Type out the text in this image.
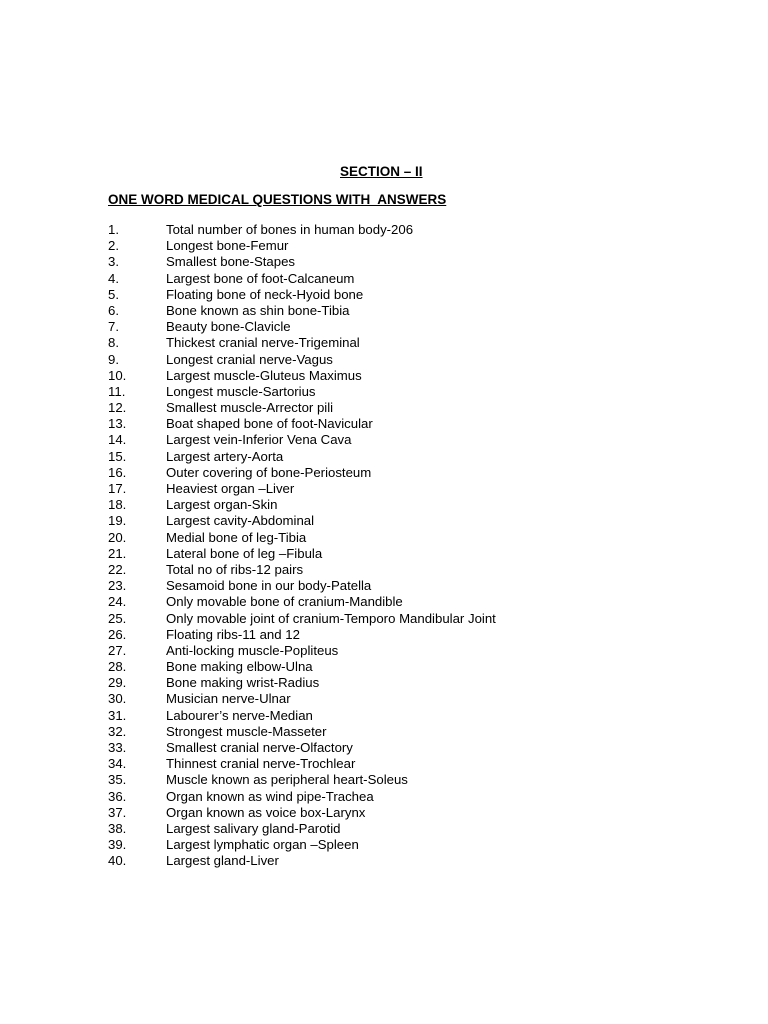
SECTION – II
ONE WORD MEDICAL QUESTIONS WITH  ANSWERS
1.	Total number of bones in human body-206
2.	Longest bone-Femur
3.	Smallest bone-Stapes
4.	Largest bone of foot-Calcaneum
5.	Floating bone of neck-Hyoid bone
6.	Bone known as shin bone-Tibia
7.	Beauty bone-Clavicle
8.	Thickest cranial nerve-Trigeminal
9.	Longest cranial nerve-Vagus
10.	Largest muscle-Gluteus Maximus
11.	Longest muscle-Sartorius
12.	Smallest muscle-Arrector pili
13.	Boat shaped bone of foot-Navicular
14.	Largest vein-Inferior Vena Cava
15.	Largest artery-Aorta
16.	Outer covering of bone-Periosteum
17.	Heaviest organ –Liver
18.	Largest organ-Skin
19.	Largest cavity-Abdominal
20.	Medial bone of leg-Tibia
21.	Lateral bone of leg –Fibula
22.	Total no of ribs-12 pairs
23.	Sesamoid bone in our body-Patella
24.	Only movable bone of cranium-Mandible
25.	Only movable joint of cranium-Temporo Mandibular Joint
26.	Floating ribs-11 and 12
27.	Anti-locking muscle-Popliteus
28.	Bone making elbow-Ulna
29.	Bone making wrist-Radius
30.	Musician nerve-Ulnar
31.	Labourer’s nerve-Median
32.	Strongest muscle-Masseter
33.	Smallest cranial nerve-Olfactory
34.	Thinnest cranial nerve-Trochlear
35.	Muscle known as peripheral heart-Soleus
36.	Organ known as wind pipe-Trachea
37.	Organ known as voice box-Larynx
38.	Largest salivary gland-Parotid
39.	Largest lymphatic organ –Spleen
40.	Largest gland-Liver
